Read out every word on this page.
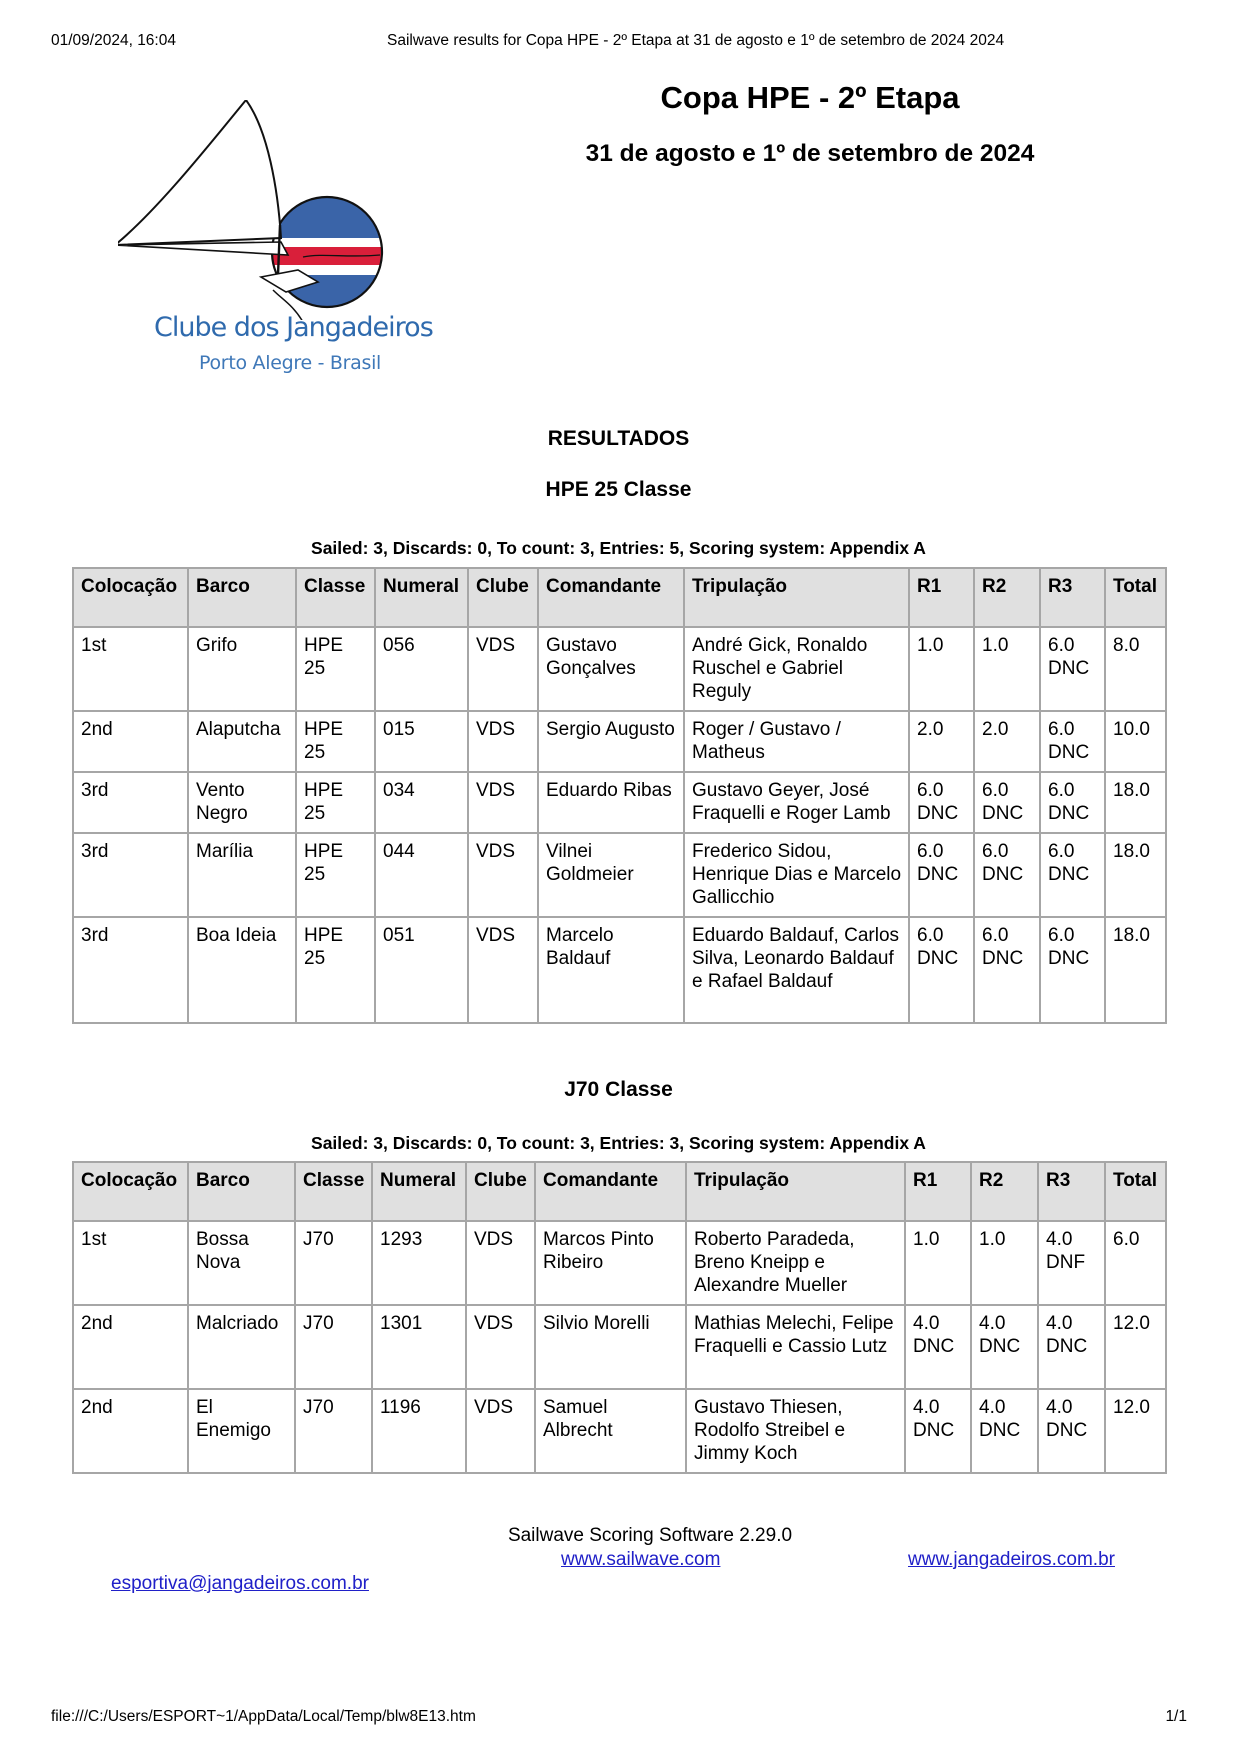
01/09/2024, 16:04	Sailwave results for Copa HPE - 2º Etapa at 31 de agosto e 1º de setembro de 2024 2024
Clube dos Jangadeiros
Porto Alegre - Brasil
Copa HPE - 2º Etapa
31 de agosto e 1º de setembro de 2024
RESULTADOS
HPE 25 Classe
Sailed: 3, Discards: 0, To count: 3, Entries: 5, Scoring system: Appendix A
Colocação	Barco	Classe	Numeral	Clube	Comandante	Tripulação	R1	R2	R3	Total
1st	Grifo	HPE 25	056	VDS	Gustavo Gonçalves	André Gick, Ronaldo Ruschel e Gabriel Reguly	1.0	1.0	6.0 DNC	8.0
2nd	Alaputcha	HPE 25	015	VDS	Sergio Augusto	Roger / Gustavo / Matheus	2.0	2.0	6.0 DNC	10.0
3rd	Vento Negro	HPE 25	034	VDS	Eduardo Ribas	Gustavo Geyer, José Fraquelli e Roger Lamb	6.0 DNC	6.0 DNC	6.0 DNC	18.0
3rd	Marília	HPE 25	044	VDS	Vilnei Goldmeier	Frederico Sidou, Henrique Dias e Marcelo Gallicchio	6.0 DNC	6.0 DNC	6.0 DNC	18.0
3rd	Boa Ideia	HPE 25	051	VDS	Marcelo Baldauf	Eduardo Baldauf, Carlos Silva, Leonardo Baldauf e Rafael Baldauf	6.0 DNC	6.0 DNC	6.0 DNC	18.0
J70 Classe
Sailed: 3, Discards: 0, To count: 3, Entries: 3, Scoring system: Appendix A
Colocação	Barco	Classe	Numeral	Clube	Comandante	Tripulação	R1	R2	R3	Total
1st	Bossa Nova	J70	1293	VDS	Marcos Pinto Ribeiro	Roberto Paradeda, Breno Kneipp e Alexandre Mueller	1.0	1.0	4.0 DNF	6.0
2nd	Malcriado	J70	1301	VDS	Silvio Morelli	Mathias Melechi, Felipe Fraquelli e Cassio Lutz	4.0 DNC	4.0 DNC	4.0 DNC	12.0
2nd	El Enemigo	J70	1196	VDS	Samuel Albrecht	Gustavo Thiesen, Rodolfo Streibel e Jimmy Koch	4.0 DNC	4.0 DNC	4.0 DNC	12.0
Sailwave Scoring Software 2.29.0
www.sailwave.com	www.jangadeiros.com.br
esportiva@jangadeiros.com.br
file:///C:/Users/ESPORT~1/AppData/Local/Temp/blw8E13.htm	1/1
